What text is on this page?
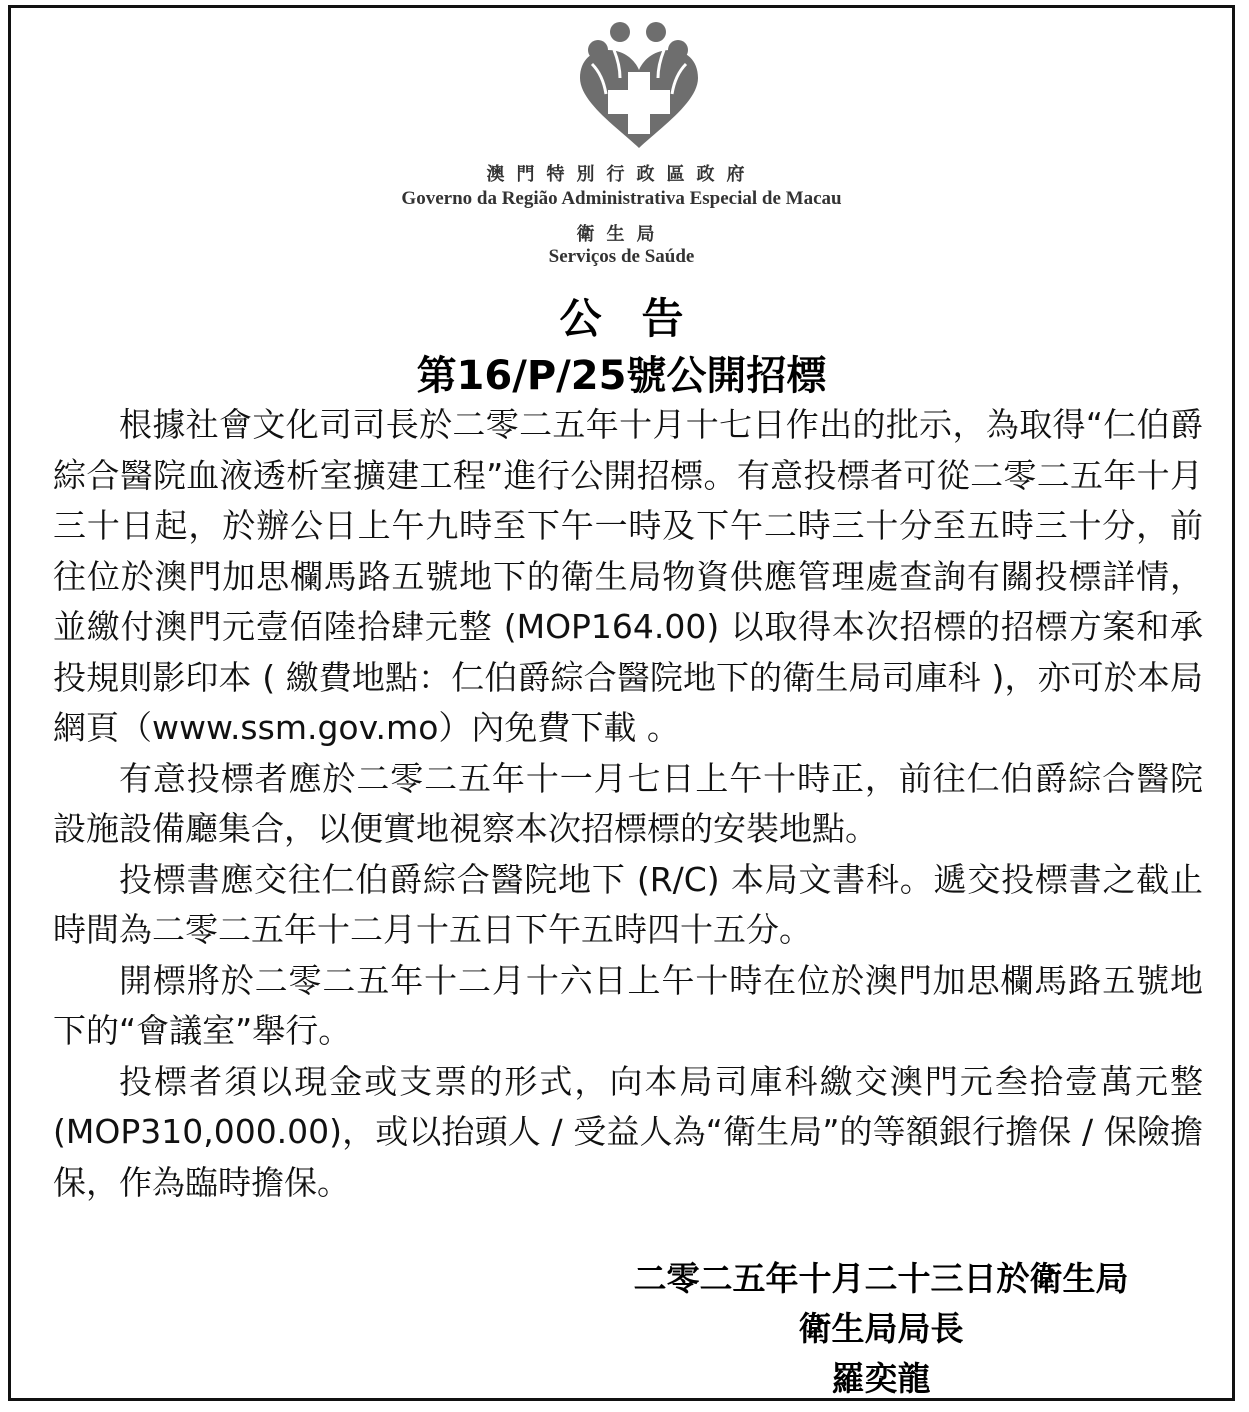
澳門特別行政區政府
Governo da Região Administrativa Especial de Macau
衛生局
Serviços de Saúde
公告
第16/P/25號公開招標

根據社會文化司司長於二零二五年十月十七日作出的批示，為取得“仁伯爵綜合醫院血液透析室擴建工程”進行公開招標。有意投標者可從二零二五年十月三十日起，於辦公日上午九時至下午一時及下午二時三十分至五時三十分，前往位於澳門加思欄馬路五號地下的衛生局物資供應管理處查詢有關投標詳情，並繳付澳門元壹佰陸拾肆元整 (MOP164.00) 以取得本次招標的招標方案和承投規則影印本 ( 繳費地點：仁伯爵綜合醫院地下的衛生局司庫科 )，亦可於本局網頁（www.ssm.gov.mo）內免費下載 。

有意投標者應於二零二五年十一月七日上午十時正，前往仁伯爵綜合醫院設施設備廳集合，以便實地視察本次招標標的安裝地點。

投標書應交往仁伯爵綜合醫院地下 (R/C) 本局文書科。遞交投標書之截止時間為二零二五年十二月十五日下午五時四十五分。

開標將於二零二五年十二月十六日上午十時在位於澳門加思欄馬路五號地下的“會議室”舉行。

投標者須以現金或支票的形式，向本局司庫科繳交澳門元叁拾壹萬元整 (MOP310,000.00)，或以抬頭人 / 受益人為“衛生局”的等額銀行擔保 / 保險擔保，作為臨時擔保。

二零二五年十月二十三日於衛生局
衛生局局長
羅奕龍
